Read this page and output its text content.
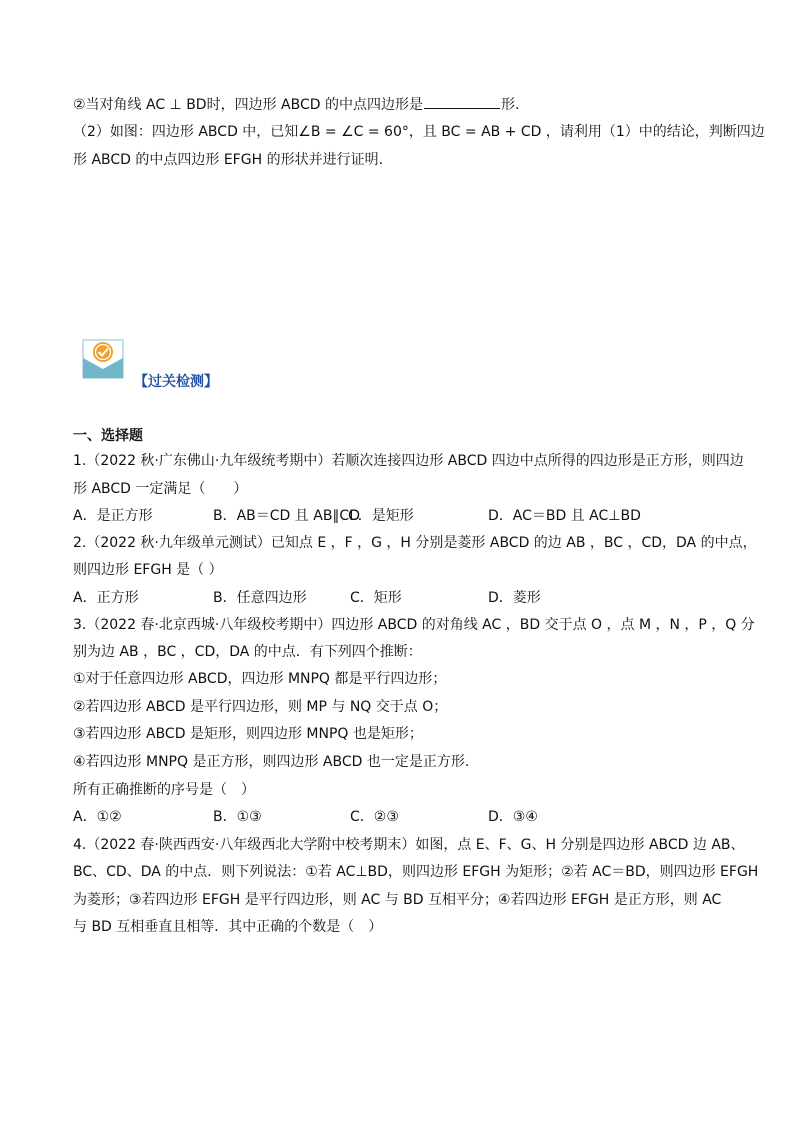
②当对角线 AC ⊥ BD时，四边形 ABCD 的中点四边形是	形.
（2）如图：四边形 ABCD 中，已知∠B = ∠C = 60°，且 BC = AB + CD ，请利用（1）中的结论，判断四边
形 ABCD 的中点四边形 EFGH 的形状并进行证明.
【过关检测】
一、选择题
1.（2022 秋·广东佛山·九年级统考期中）若顺次连接四边形 ABCD 四边中点所得的四边形是正方形，则四边
形 ABCD 一定满足（　　）
A．是正方形	B．AB＝CD 且 AB∥CD
C．是矩形	D．AC＝BD 且 AC⊥BD
2.（2022 秋·九年级单元测试）已知点 E ，F ，G ，H 分别是菱形 ABCD 的边 AB ，BC ，CD，DA 的中点，
则四边形 EFGH 是（ ）
A．正方形	B．任意四边形	C．矩形	D．菱形
3.（2022 春·北京西城·八年级校考期中）四边形 ABCD 的对角线 AC ，BD 交于点 O ，点 M ，N ，P ，Q 分
别为边 AB ，BC ，CD，DA 的中点．有下列四个推断：
①对于任意四边形 ABCD，四边形 MNPQ 都是平行四边形；
②若四边形 ABCD 是平行四边形，则 MP 与 NQ 交于点 O；
③若四边形 ABCD 是矩形，则四边形 MNPQ 也是矩形；
④若四边形 MNPQ 是正方形，则四边形 ABCD 也一定是正方形.
所有正确推断的序号是（　）
A．①②	B．①③	C．②③	D．③④
4.（2022 春·陕西西安·八年级西北大学附中校考期末）如图，点 E、F、G、H 分别是四边形 ABCD 边 AB、
BC、CD、DA 的中点．则下列说法：①若 AC⊥BD，则四边形 EFGH 为矩形；②若 AC＝BD，则四边形 EFGH
为菱形；③若四边形 EFGH 是平行四边形，则 AC 与 BD 互相平分；④若四边形 EFGH 是正方形，则 AC
与 BD 互相垂直且相等．其中正确的个数是（　）
